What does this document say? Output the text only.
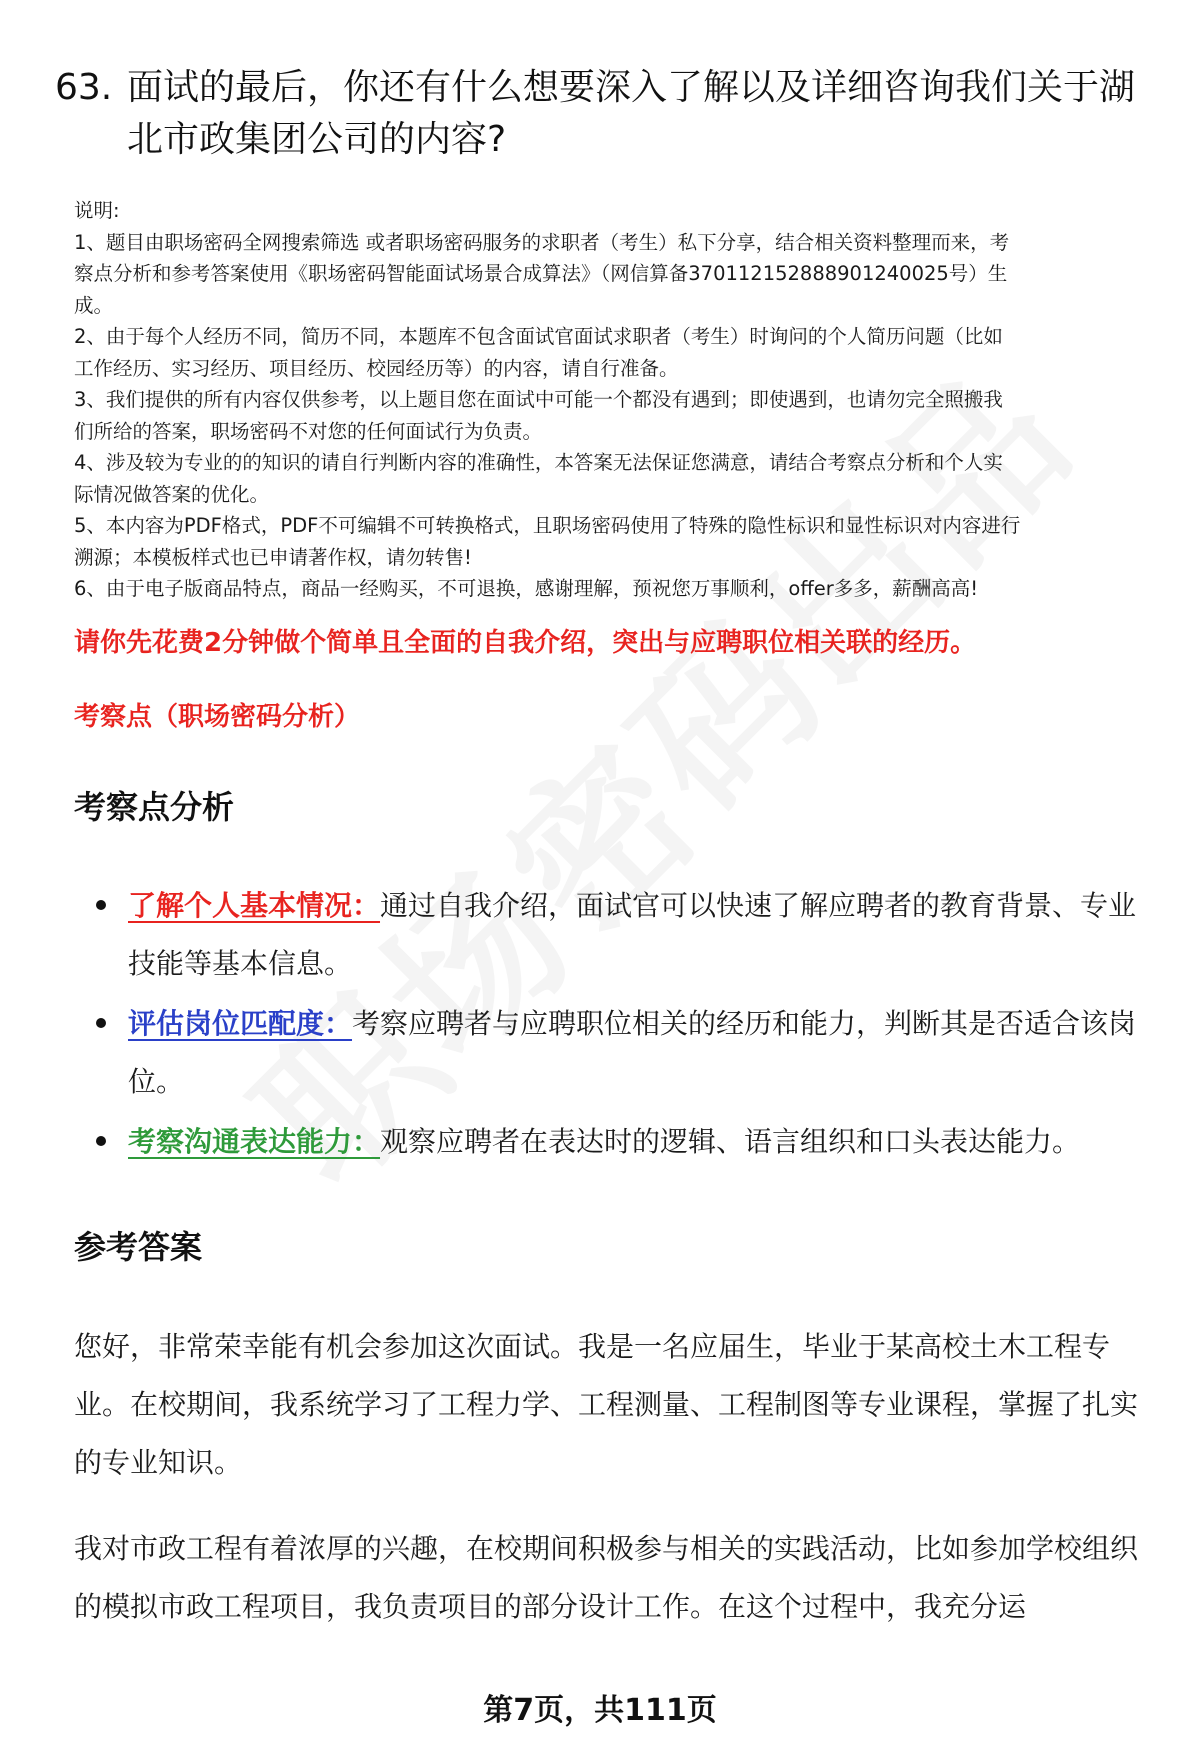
63. 面试的最后，你还有什么想要深入了解以及详细咨询我们关于湖
北市政集团公司的内容?

说明:

1、题目由职场密码全网搜索筛选 或者职场密码服务的求职者（考生）私下分享，结合相关资料整理而来，考

察点分析和参考答案使用《职场密码智能面试场景合成算法》（网信算备370112152888901240025号）生

成。

2、由于每个人经历不同，简历不同，本题库不包含面试官面试求职者（考生）时询问的个人简历问题（比如

工作经历、实习经历、项目经历、校园经历等）的内容，请自行准备。

3、我们提供的所有内容仅供参考，以上题目您在面试中可能一个都没有遇到；即使遇到，也请勿完全照搬我

们所给的答案，职场密码不对您的任何面试行为负责。

4、涉及较为专业的的知识的请自行判断内容的准确性，本答案无法保证您满意，请结合考察点分析和个人实

际情况做答案的优化。

5、本内容为PDF格式，PDF不可编辑不可转换格式，且职场密码使用了特殊的隐性标识和显性标识对内容进行

溯源；本模板样式也已申请著作权，请勿转售!

6、由于电子版商品特点，商品一经购买，不可退换，感谢理解，预祝您万事顺利，offer多多，薪酬高高!

请你先花费2分钟做个简单且全面的自我介绍，突出与应聘职位相关联的经历。
考察点（职场密码分析）
考察点分析
了解个人基本情况：通过自我介绍，面试官可以快速了解应聘者的教育背景、专业技能等基本信息。
评估岗位匹配度：考察应聘者与应聘职位相关的经历和能力，判断其是否适合该岗位。
考察沟通表达能力：观察应聘者在表达时的逻辑、语言组织和口头表达能力。
参考答案

您好，非常荣幸能有机会参加这次面试。我是一名应届生，毕业于某高校土木工程专业。在校期间，我系统学习了工程力学、工程测量、工程制图等专业课程，掌握了扎实的专业知识。

我对市政工程有着浓厚的兴趣，在校期间积极参与相关的实践活动，比如参加学校组织的模拟市政工程项目，我负责项目的部分设计工作。在这个过程中，我充分运

第7页，共111页
